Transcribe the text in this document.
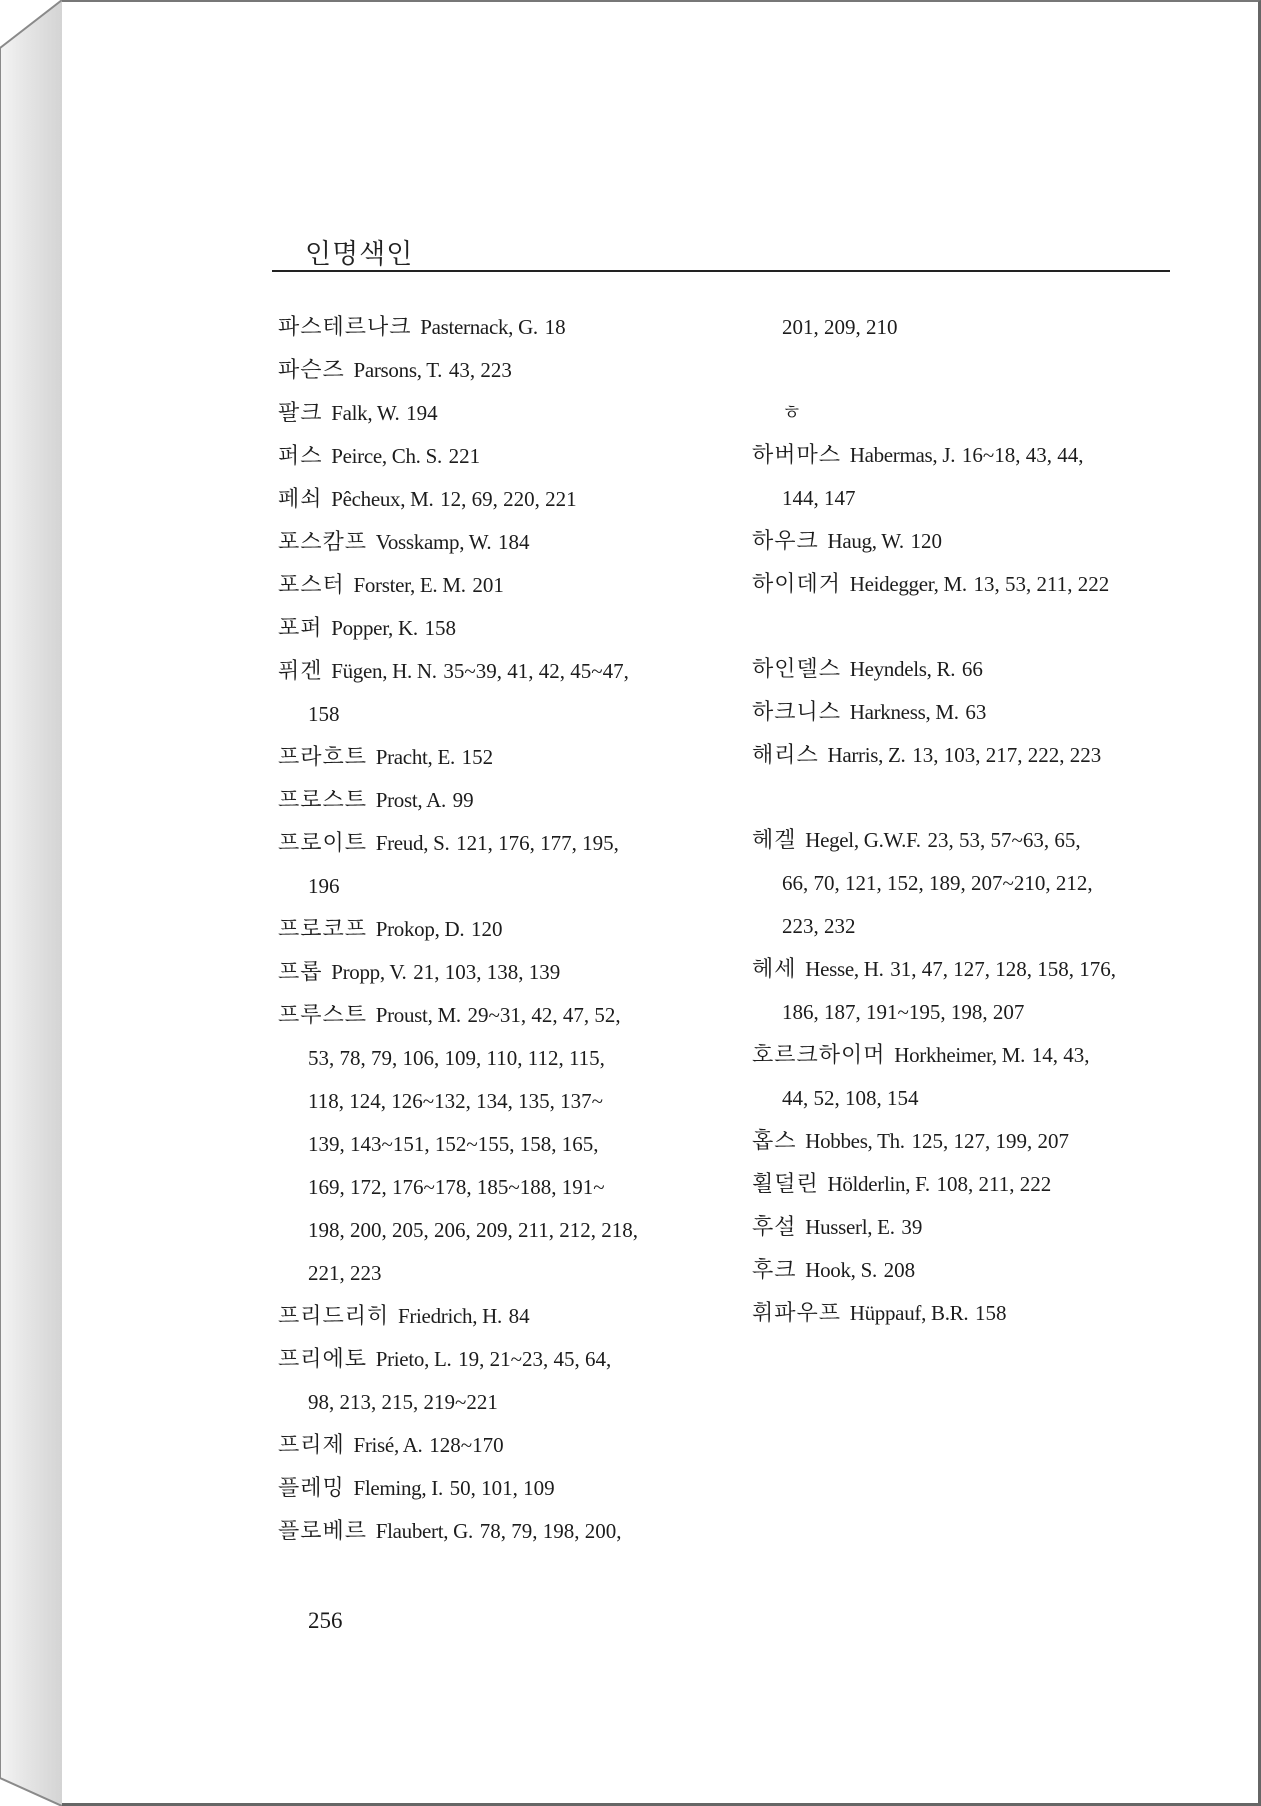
인명색인
파스테르나크 Pasternack, G. 18
파슨즈 Parsons, T. 43, 223
팔크 Falk, W. 194
퍼스 Peirce, Ch. S. 221
페쇠 Pêcheux, M. 12, 69, 220, 221
포스캄프 Vosskamp, W. 184
포스터 Forster, E. M. 201
포퍼 Popper, K. 158
퓌겐 Fügen, H. N. 35~39, 41, 42, 45~47,
158
프라흐트 Pracht, E. 152
프로스트 Prost, A. 99
프로이트 Freud, S. 121, 176, 177, 195,
196
프로코프 Prokop, D. 120
프롭 Propp, V. 21, 103, 138, 139
프루스트 Proust, M. 29~31, 42, 47, 52,
53, 78, 79, 106, 109, 110, 112, 115,
118, 124, 126~132, 134, 135, 137~
139, 143~151, 152~155, 158, 165,
169, 172, 176~178, 185~188, 191~
198, 200, 205, 206, 209, 211, 212, 218,
221, 223
프리드리히 Friedrich, H. 84
프리에토 Prieto, L. 19, 21~23, 45, 64,
98, 213, 215, 219~221
프리제 Frisé, A. 128~170
플레밍 Fleming, I. 50, 101, 109
플로베르 Flaubert, G. 78, 79, 198, 200,
201, 209, 210
ㅎ
하버마스 Habermas, J. 16~18, 43, 44,
144, 147
하우크 Haug, W. 120
하이데거 Heidegger, M. 13, 53, 211, 222
하인델스 Heyndels, R. 66
하크니스 Harkness, M. 63
해리스 Harris, Z. 13, 103, 217, 222, 223
헤겔 Hegel, G.W.F. 23, 53, 57~63, 65,
66, 70, 121, 152, 189, 207~210, 212,
223, 232
헤세 Hesse, H. 31, 47, 127, 128, 158, 176,
186, 187, 191~195, 198, 207
호르크하이머 Horkheimer, M. 14, 43,
44, 52, 108, 154
홉스 Hobbes, Th. 125, 127, 199, 207
횔덜린 Hölderlin, F. 108, 211, 222
후설 Husserl, E. 39
후크 Hook, S. 208
휘파우프 Hüppauf, B.R. 158
256
